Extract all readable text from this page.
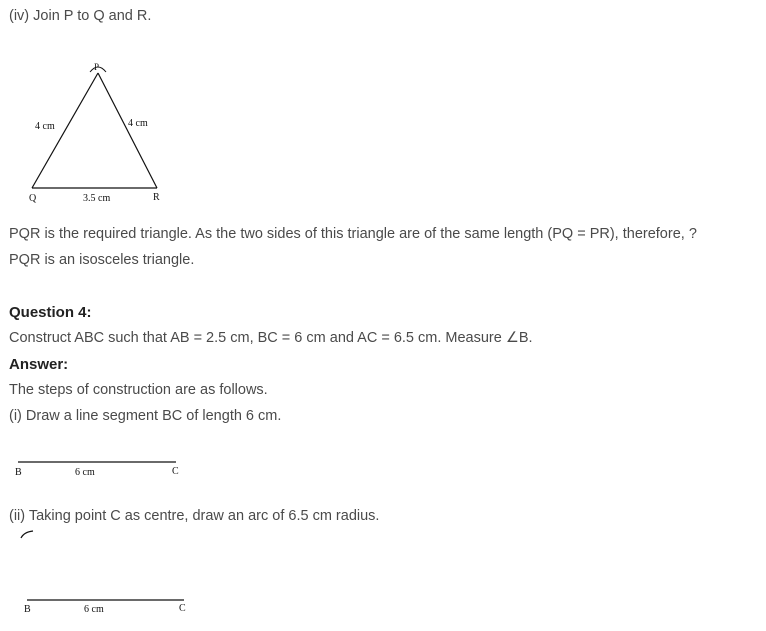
(iv) Join P to Q and R.
P
Q	R
4 cm	4 cm
3.5 cm
B	6 cm	C
B	6 cm	C
PQR is the required triangle. As the two sides of this triangle are of the same length (PQ = PR), therefore, ?
PQR is an isosceles triangle.
Question 4:
Construct ABC such that AB = 2.5 cm, BC = 6 cm and AC = 6.5 cm. Measure ∠B.
Answer:
The steps of construction are as follows.
(i) Draw a line segment BC of length 6 cm.
(ii) Taking point C as centre, draw an arc of 6.5 cm radius.
